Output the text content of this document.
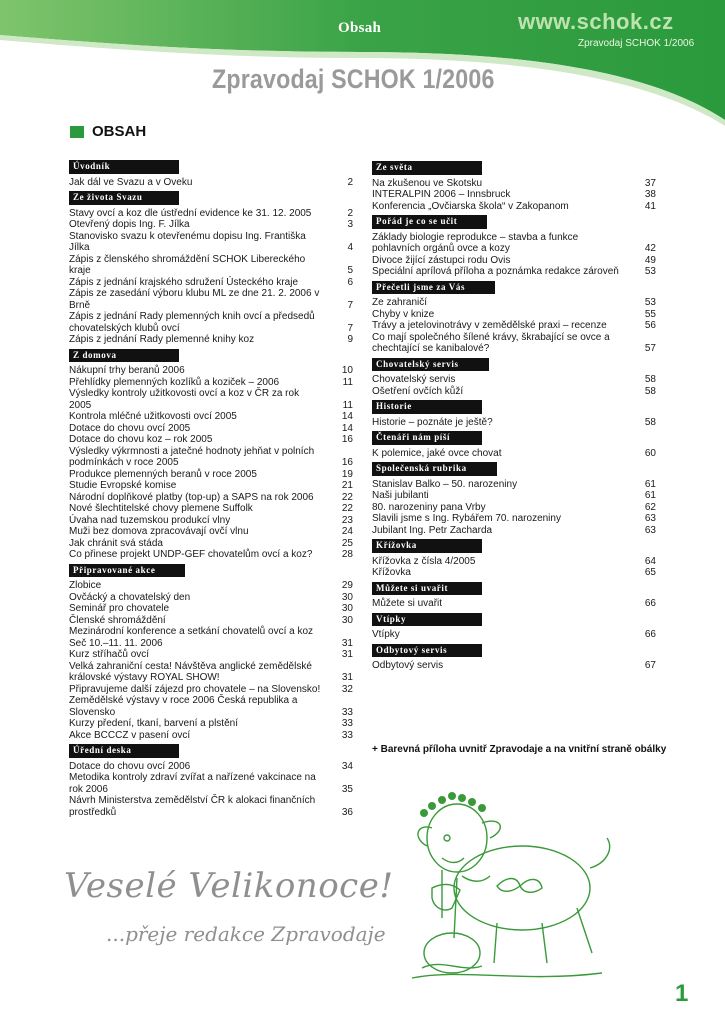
Obsah	www.schok.cz
Zpravodaj SCHOK 1/2006
Zpravodaj SCHOK 1/2006
OBSAH
Úvodník
Jak dál ve Svazu a v Oveku	2
Ze života Svazu
Stavy ovcí a koz dle ústřední evidence ke 31. 12. 2005	2
Otevřený dopis Ing. F. Jílka	3
Stanovisko svazu k otevřenému dopisu Ing. Františka Jílka	4
Zápis z členského shromáždění SCHOK Libereckého kraje	5
Zápis z jednání krajského sdružení Ústeckého kraje	6
Zápis ze zasedání výboru klubu ML ze dne 21. 2. 2006 v Brně	7
Zápis z jednání Rady plemenných knih ovcí a předsedů chovatelských klubů ovcí	7
Zápis z jednání Rady plemenné knihy koz	9
Z domova
Nákupní trhy beranů 2006	10
Přehlídky plemenných kozlíků a koziček – 2006	11
Výsledky kontroly užitkovosti ovcí a koz v ČR za rok 2005	11
Kontrola mléčné užitkovosti ovcí 2005	14
Dotace do chovu ovcí 2005	14
Dotace do chovu koz – rok 2005	16
Výsledky výkrmnosti a jatečné hodnoty jehňat v polních podmínkách v roce 2005	16
Produkce plemenných beranů v roce 2005	19
Studie Evropské komise	21
Národní doplňkové platby (top-up) a SAPS na rok 2006	22
Nové šlechtitelské chovy plemene Suffolk	22
Úvaha nad tuzemskou produkcí vlny	23
Muži bez domova zpracovávají ovčí vlnu	24
Jak chránit svá stáda	25
Co přinese projekt UNDP-GEF chovatelům ovcí a koz?	28
Připravované akce
Zlobice	29
Ovčácký a chovatelský den	30
Seminář pro chovatele	30
Členské shromáždění	30
Mezinárodní konference a setkání chovatelů ovcí a koz Seč 10.–11. 11. 2006	31
Kurz stříhačů ovcí	31
Velká zahraniční cesta! Návštěva anglické zemědělské královské výstavy ROYAL SHOW!	31
Připravujeme další zájezd pro chovatele – na Slovensko!	32
Zemědělské výstavy v roce 2006 Česká republika a Slovensko	33
Kurzy předení, tkaní, barvení a plstění	33
Akce BCCCZ v pasení ovcí	33
Úřední deska
Dotace do chovu ovcí 2006	34
Metodika kontroly zdraví zvířat a nařízené vakcinace na rok 2006	35
Návrh Ministerstva zemědělství ČR k alokaci finančních prostředků	36
Ze světa
Na zkušenou ve Skotsku	37
INTERALPIN 2006 – Innsbruck	38
Konferencia „Ovčiarska škola“ v Zakopanom	41
Pořád je co se učit
Základy biologie reprodukce – stavba a funkce pohlavních orgánů ovce a kozy	42
Divoce žijící zástupci rodu Ovis	49
Speciální aprílová příloha a poznámka redakce zároveň	53
Přečetli jsme za Vás
Ze zahraničí	53
Chyby v knize	55
Trávy a jetelovinotrávy v zemědělské praxi – recenze	56
Co mají společného šílené krávy, škrabající se ovce a chechtající se kanibalové?	57
Chovatelský servis
Chovatelský servis	58
Ošetření ovčích kůží	58
Historie
Historie – poznáte je ještě?	58
Čtenáři nám píší
K polemice, jaké ovce chovat	60
Společenská rubrika
Stanislav Balko – 50. narozeniny	61
Naši jubilanti	61
80. narozeniny pana Vrby	62
Slavili jsme s Ing. Rybářem 70. narozeniny	63
Jubilant Ing. Petr Zacharda	63
Křížovka
Křížovka z čísla 4/2005	64
Křížovka	65
Můžete si uvařit
Můžete si uvařit	66
Vtípky
Vtípky	66
Odbytový servis
Odbytový servis	67
+ Barevná příloha uvnitř Zpravodaje a na vnitřní straně obálky
Veselé Velikonoce!
...přeje redakce Zpravodaje
1
